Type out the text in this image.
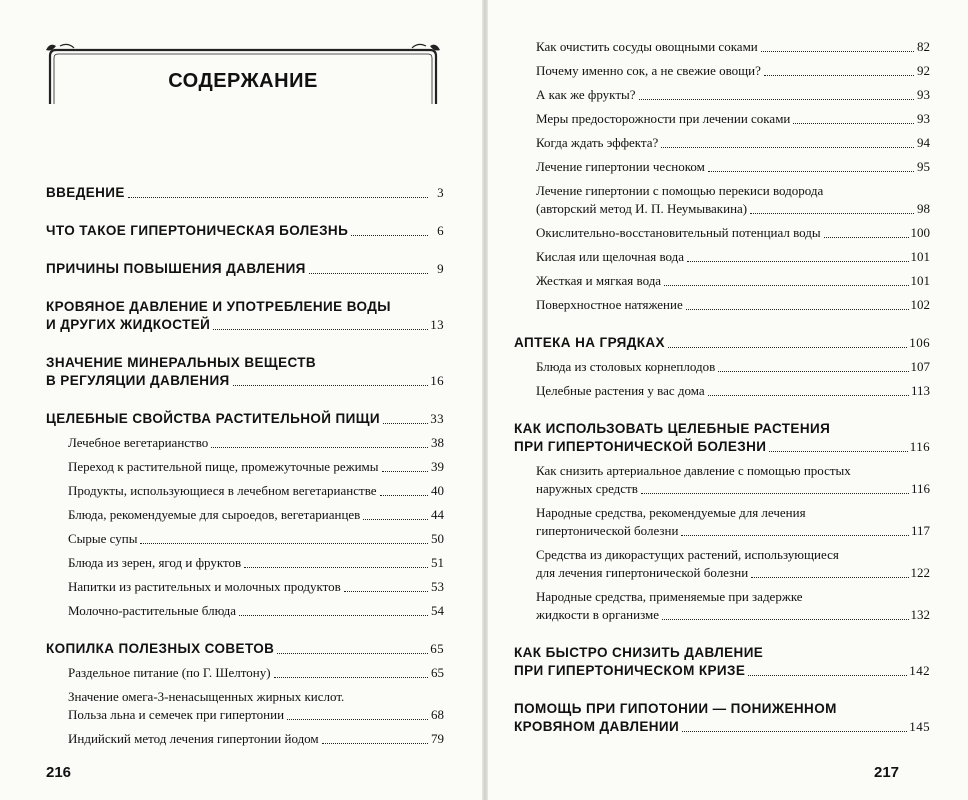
СОДЕРЖАНИЕ
ВВЕДЕНИЕ	3
ЧТО ТАКОЕ ГИПЕРТОНИЧЕСКАЯ БОЛЕЗНЬ	6
ПРИЧИНЫ ПОВЫШЕНИЯ ДАВЛЕНИЯ	9
КРОВЯНОЕ ДАВЛЕНИЕ И УПОТРЕБЛЕНИЕ ВОДЫ
И ДРУГИХ ЖИДКОСТЕЙ	13
ЗНАЧЕНИЕ МИНЕРАЛЬНЫХ ВЕЩЕСТВ
В РЕГУЛЯЦИИ ДАВЛЕНИЯ	16
ЦЕЛЕБНЫЕ СВОЙСТВА РАСТИТЕЛЬНОЙ ПИЩИ	33
Лечебное вегетарианство	38
Переход к растительной пище, промежуточные режимы	39
Продукты, использующиеся в лечебном вегетарианстве	40
Блюда, рекомендуемые для сыроедов, вегетарианцев	44
Сырые супы	50
Блюда из зерен, ягод и фруктов	51
Напитки из растительных и молочных продуктов	53
Молочно-растительные блюда	54
КОПИЛКА ПОЛЕЗНЫХ СОВЕТОВ	65
Раздельное питание (по Г. Шелтону)	65
Значение омега-3-ненасыщенных жирных кислот.
Польза льна и семечек при гипертонии	68
Индийский метод лечения гипертонии йодом	79
216
Как очистить сосуды овощными соками	82
Почему именно сок, а не свежие овощи?	92
А как же фрукты?	93
Меры предосторожности при лечении соками	93
Когда ждать эффекта?	94
Лечение гипертонии чесноком	95
Лечение гипертонии с помощью перекиси водорода
(авторский метод И. П. Неумывакина)	98
Окислительно-восстановительный потенциал воды	100
Кислая или щелочная вода	101
Жесткая и мягкая вода	101
Поверхностное натяжение	102
АПТЕКА НА ГРЯДКАХ	106
Блюда из столовых корнеплодов	107
Целебные растения у вас дома	113
КАК ИСПОЛЬЗОВАТЬ ЦЕЛЕБНЫЕ РАСТЕНИЯ
ПРИ ГИПЕРТОНИЧЕСКОЙ БОЛЕЗНИ	116
Как снизить артериальное давление с помощью простых
наружных средств	116
Народные средства, рекомендуемые для лечения
гипертонической болезни	117
Средства из дикорастущих растений, использующиеся
для лечения гипертонической болезни	122
Народные средства, применяемые при задержке
жидкости в организме	132
КАК БЫСТРО СНИЗИТЬ ДАВЛЕНИЕ
ПРИ ГИПЕРТОНИЧЕСКОМ КРИЗЕ	142
ПОМОЩЬ ПРИ ГИПОТОНИИ — ПОНИЖЕННОМ
КРОВЯНОМ ДАВЛЕНИИ	145
217
